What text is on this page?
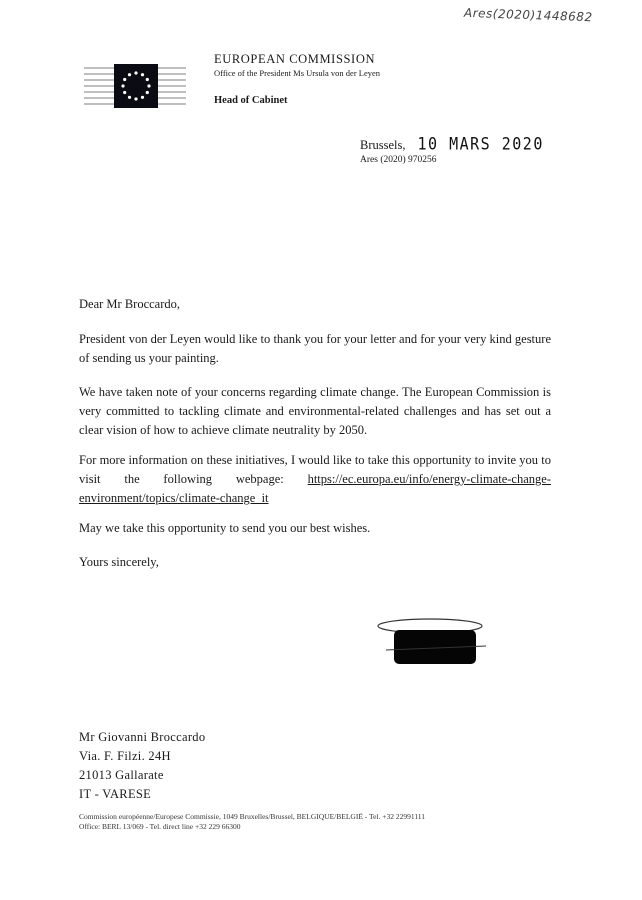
Ares(2020)1448682
EUROPEAN COMMISSION
Office of the President Ms Ursula von der Leyen
Head of Cabinet
Brussels, 10 MARS 2020
Ares (2020) 970256

Dear Mr Broccardo,

President von der Leyen would like to thank you for your letter and for your very kind gesture of sending us your painting.

We have taken note of your concerns regarding climate change. The European Commission is very committed to tackling climate and environmental-related challenges and has set out a clear vision of how to achieve climate neutrality by 2050.

For more information on these initiatives, I would like to take this opportunity to invite you to visit the following webpage: https://ec.europa.eu/info/energy-climate-change-environment/topics/climate-change_it

May we take this opportunity to send you our best wishes.

Yours sincerely,

Mr Giovanni Broccardo
Via. F. Filzi. 24H
21013 Gallarate
IT - VARESE
Commission européenne/Europese Commissie, 1049 Bruxelles/Brussel, BELGIQUE/BELGIË - Tel. +32 22991111
Office: BERL 13/069 - Tel. direct line +32 229 66300
